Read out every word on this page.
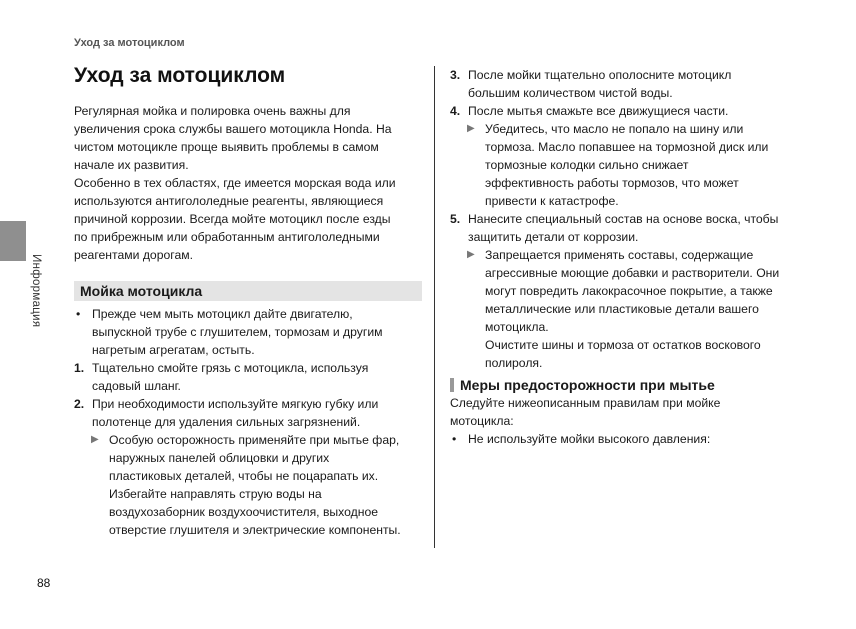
Уход за мотоциклом
Уход за мотоциклом
Информация
88

Регулярная мойка и полировка очень важны для

увеличения срока службы вашего мотоцикла Honda. На

чистом мотоцикле проще выявить проблемы в самом

начале их развития.

Особенно в тех областях, где имеется морская вода или

используются антигололедные реагенты, являющиеся

причиной коррозии. Всегда мойте мотоцикл после езды

по прибрежным или обработанным антигололедными

реагентами дорогам.

Мойка мотоцикла
• Прежде чем мыть мотоцикл дайте двигателю,

выпускной трубе с глушителем, тормозам и другим

нагретым агрегатам, остыть.

1. Тщательно смойте грязь с мотоцикла, используя

садовый шланг.

2. При необходимости используйте мягкую губку или

полотенце для удаления сильных загрязнений.

▶ Особую осторожность применяйте при мытье фар,

наружных панелей облицовки и других

пластиковых деталей, чтобы не поцарапать их.

Избегайте направлять струю воды на

воздухозаборник воздухоочистителя, выходное

отверстие глушителя и электрические компоненты.

3. После мойки тщательно ополосните мотоцикл

большим количеством чистой воды.

4. После мытья смажьте все движущиеся части.

▶ Убедитесь, что масло не попало на шину или

тормоза. Масло попавшее на тормозной диск или

тормозные колодки сильно снижает

эффективность работы тормозов, что может

привести к катастрофе.

5. Нанесите специальный состав на основе воска, чтобы

защитить детали от коррозии.

▶ Запрещается применять составы, содержащие

агрессивные моющие добавки и растворители. Они

могут повредить лакокрасочное покрытие, а также

металлические или пластиковые детали вашего

мотоцикла.

Очистите шины и тормоза от остатков воскового

полироля.

Меры предосторожности при мытье

Следуйте нижеописанным правилам при мойке

мотоцикла:

• Не используйте мойки высокого давления:
